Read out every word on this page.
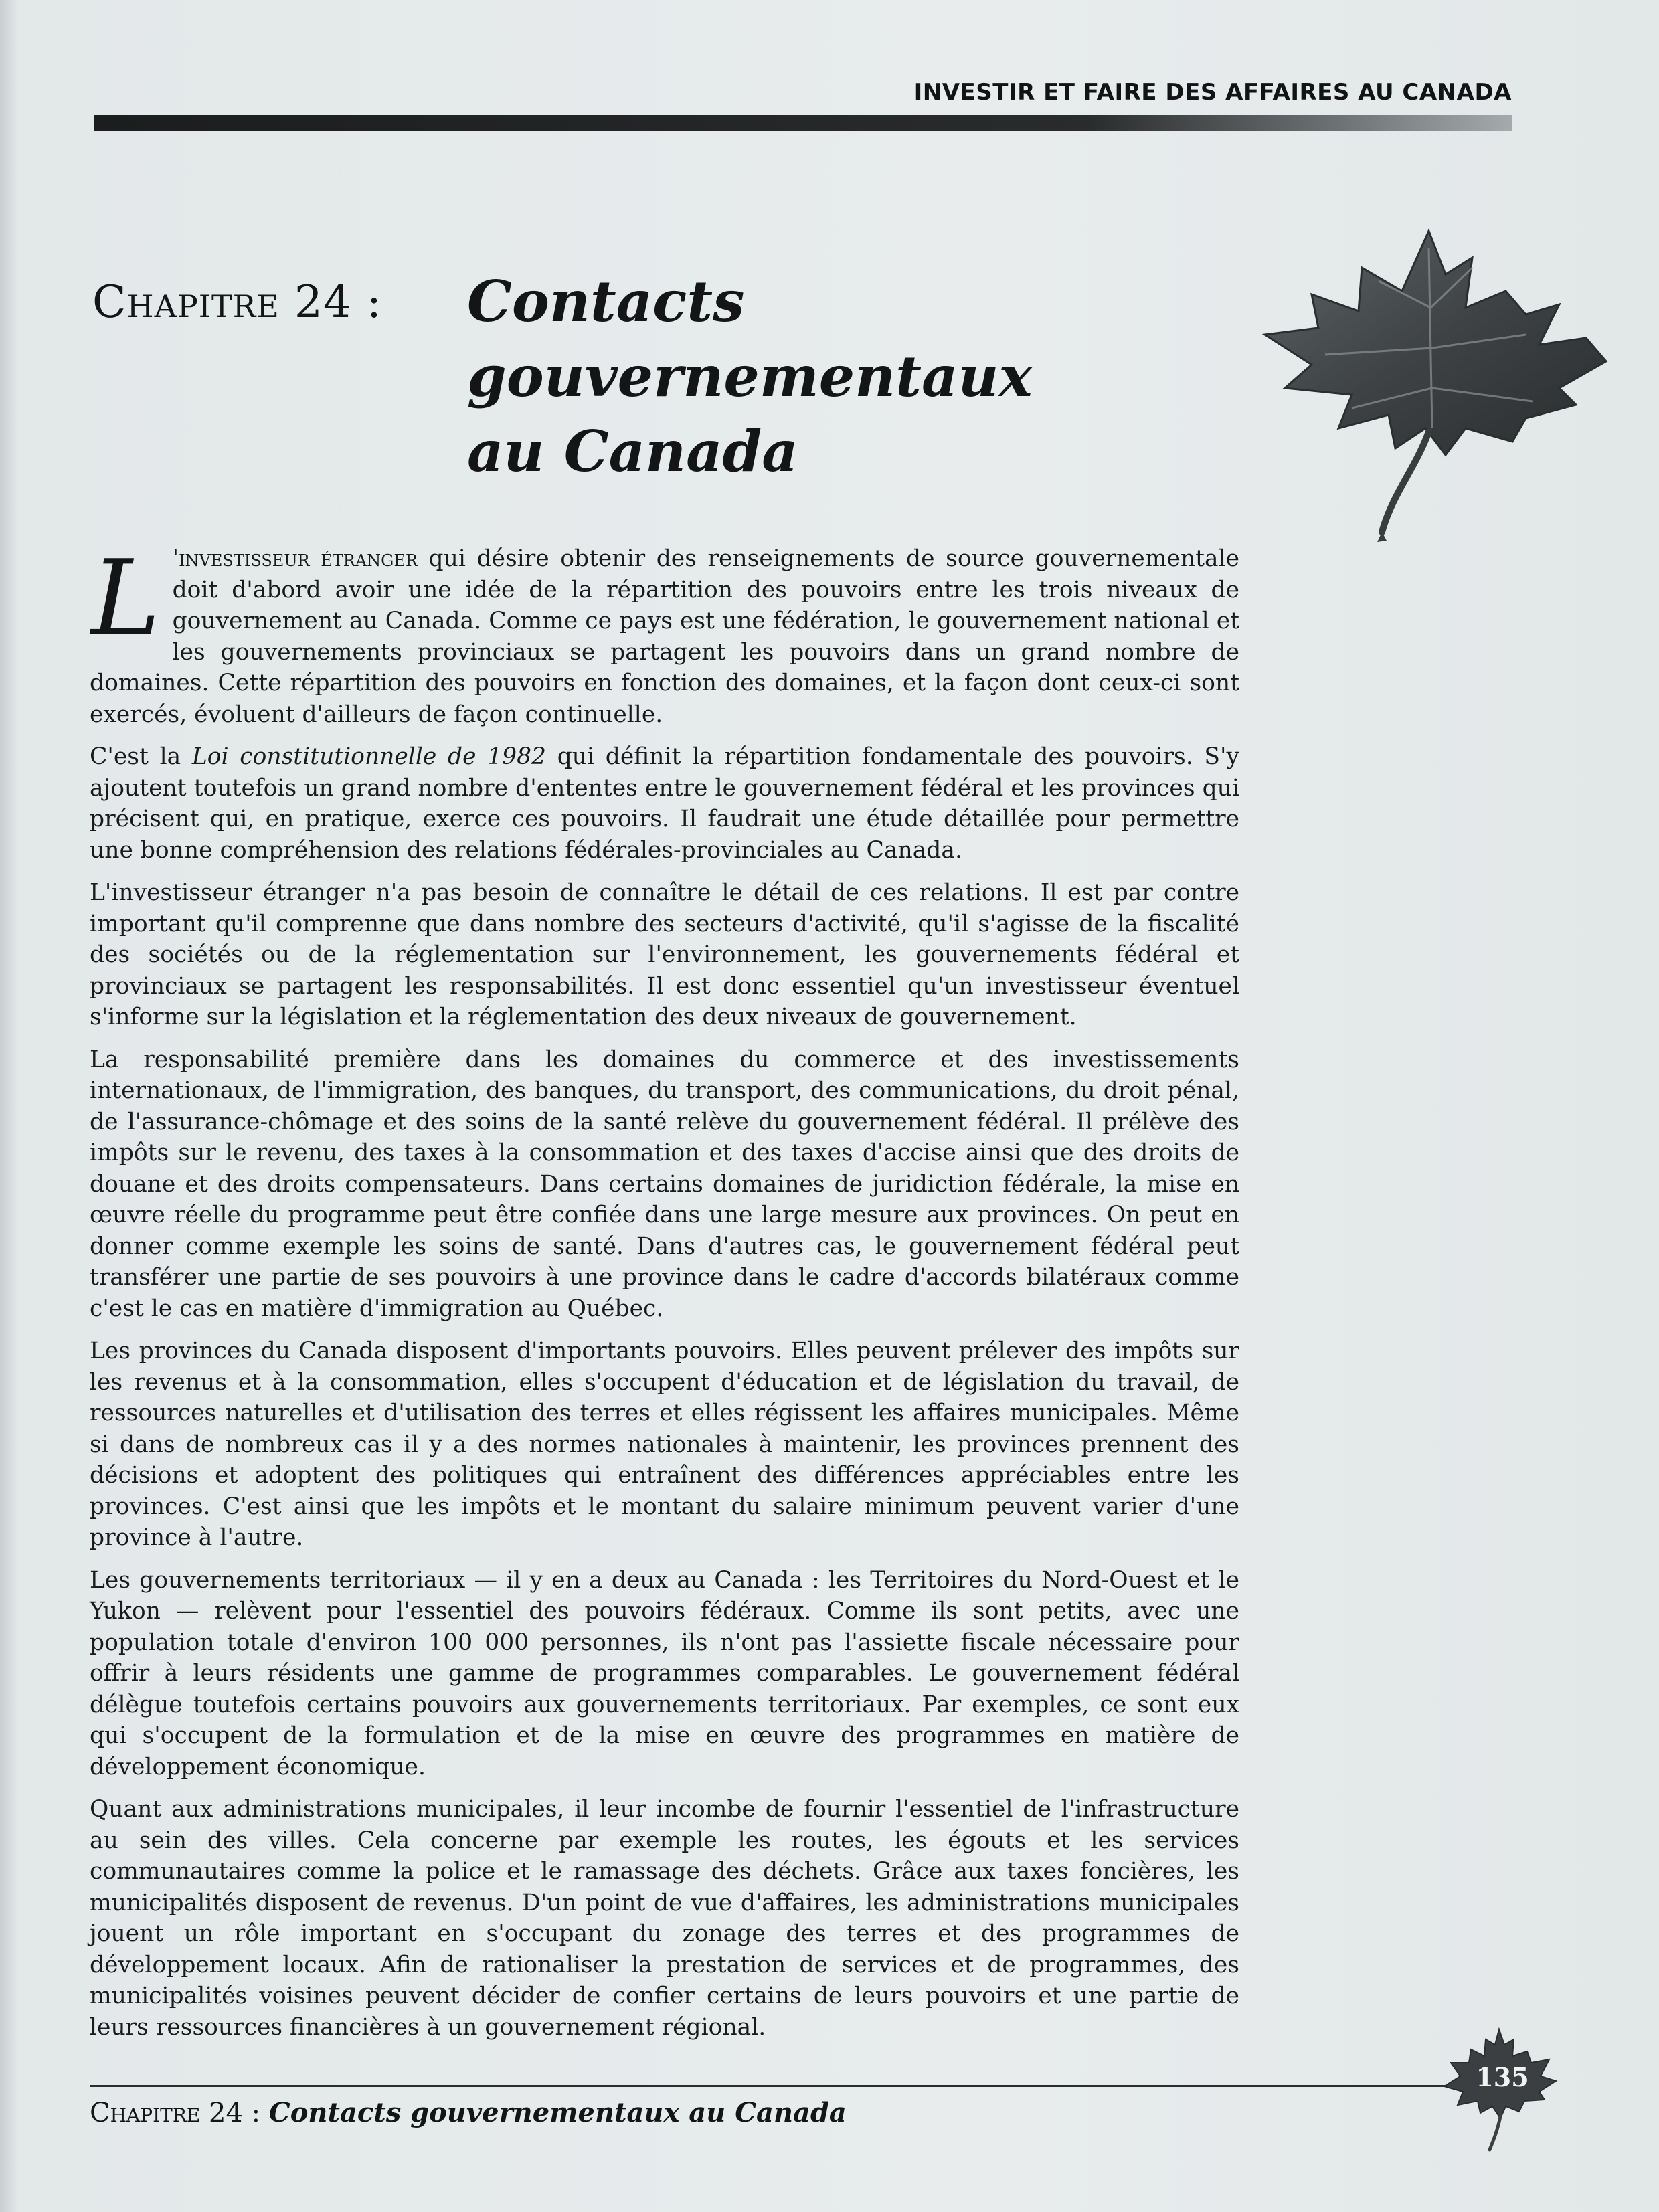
INVESTIR ET FAIRE DES AFFAIRES AU CANADA
Chapitre 24 : Contacts
gouvernementaux
au Canada

L 'investisseur étranger qui désire obtenir des renseignements de source gouvernementale doit d'abord avoir une idée de la répartition des pouvoirs entre les trois niveaux de gouvernement au Canada. Comme ce pays est une fédération, le gouvernement national et les gouvernements provinciaux se partagent les pouvoirs dans un grand nombre de domaines. Cette répartition des pouvoirs en fonction des domaines, et la façon dont ceux-ci sont exercés, évoluent d'ailleurs de façon continuelle.

C'est la Loi constitutionnelle de 1982 qui définit la répartition fondamentale des pouvoirs. S'y ajoutent toutefois un grand nombre d'ententes entre le gouvernement fédéral et les provinces qui précisent qui, en pratique, exerce ces pouvoirs. Il faudrait une étude détaillée pour permettre une bonne compréhension des relations fédérales-provinciales au Canada.

L'investisseur étranger n'a pas besoin de connaître le détail de ces relations. Il est par contre important qu'il comprenne que dans nombre des secteurs d'activité, qu'il s'agisse de la fiscalité des sociétés ou de la réglementation sur l'environnement, les gouvernements fédéral et provinciaux se partagent les responsabilités. Il est donc essentiel qu'un investisseur éventuel s'informe sur la législation et la réglementation des deux niveaux de gouvernement.

La responsabilité première dans les domaines du commerce et des investissements internationaux, de l'immigration, des banques, du transport, des communications, du droit pénal, de l'assurance-chômage et des soins de la santé relève du gouvernement fédéral. Il prélève des impôts sur le revenu, des taxes à la consommation et des taxes d'accise ainsi que des droits de douane et des droits compensateurs. Dans certains domaines de juridiction fédérale, la mise en œuvre réelle du programme peut être confiée dans une large mesure aux provinces. On peut en donner comme exemple les soins de santé. Dans d'autres cas, le gouvernement fédéral peut transférer une partie de ses pouvoirs à une province dans le cadre d'accords bilatéraux comme c'est le cas en matière d'immigration au Québec.

Les provinces du Canada disposent d'importants pouvoirs. Elles peuvent prélever des impôts sur les revenus et à la consommation, elles s'occupent d'éducation et de législation du travail, de ressources naturelles et d'utilisation des terres et elles régissent les affaires municipales. Même si dans de nombreux cas il y a des normes nationales à maintenir, les provinces prennent des décisions et adoptent des politiques qui entraînent des différences appréciables entre les provinces. C'est ainsi que les impôts et le montant du salaire minimum peuvent varier d'une province à l'autre.

Les gouvernements territoriaux — il y en a deux au Canada : les Territoires du Nord-Ouest et le Yukon — relèvent pour l'essentiel des pouvoirs fédéraux. Comme ils sont petits, avec une population totale d'environ 100 000 personnes, ils n'ont pas l'assiette fiscale nécessaire pour offrir à leurs résidents une gamme de programmes comparables. Le gouvernement fédéral délègue toutefois certains pouvoirs aux gouvernements territoriaux. Par exemples, ce sont eux qui s'occupent de la formulation et de la mise en œuvre des programmes en matière de développement économique.

Quant aux administrations municipales, il leur incombe de fournir l'essentiel de l'infrastructure au sein des villes. Cela concerne par exemple les routes, les égouts et les services communautaires comme la police et le ramassage des déchets. Grâce aux taxes foncières, les municipalités disposent de revenus. D'un point de vue d'affaires, les administrations municipales jouent un rôle important en s'occupant du zonage des terres et des programmes de développement locaux. Afin de rationaliser la prestation de services et de programmes, des municipalités voisines peuvent décider de confier certains de leurs pouvoirs et une partie de leurs ressources financières à un gouvernement régional.

Chapitre 24 : Contacts gouvernementaux au Canada
135
